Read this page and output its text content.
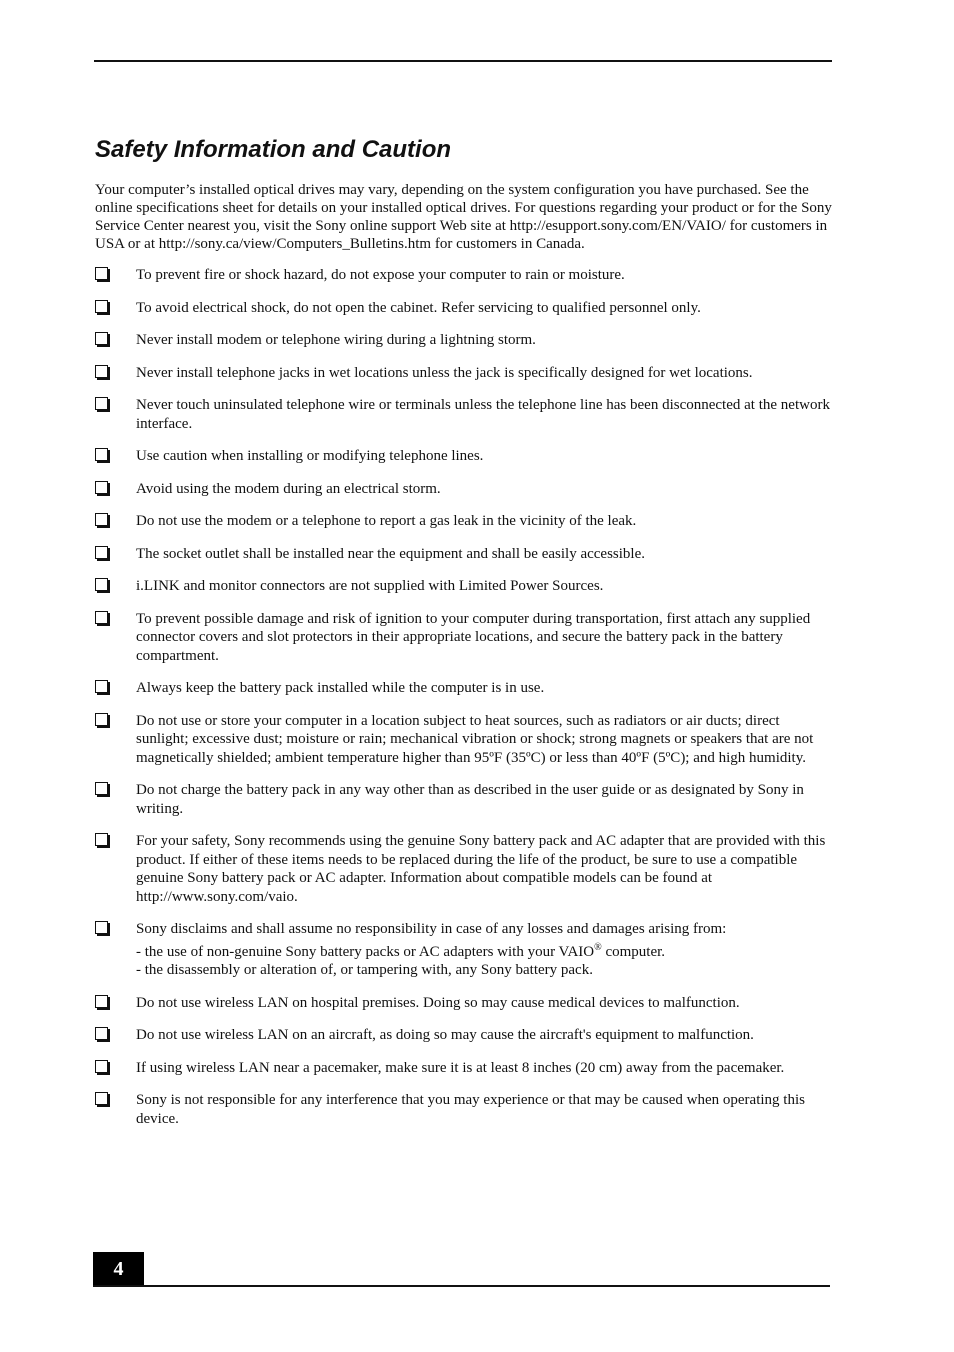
Safety Information and Caution

Your computer’s installed optical drives may vary, depending on the system configuration you have purchased. See the online specifications sheet for details on your installed optical drives. For questions regarding your product or for the Sony Service Center nearest you, visit the Sony online support Web site at http://esupport.sony.com/EN/VAIO/ for customers in USA or at http://sony.ca/view/Computers_Bulletins.htm for customers in Canada.

To prevent fire or shock hazard, do not expose your computer to rain or moisture.
To avoid electrical shock, do not open the cabinet. Refer servicing to qualified personnel only.
Never install modem or telephone wiring during a lightning storm.
Never install telephone jacks in wet locations unless the jack is specifically designed for wet locations.
Never touch uninsulated telephone wire or terminals unless the telephone line has been disconnected at the network interface.
Use caution when installing or modifying telephone lines.
Avoid using the modem during an electrical storm.
Do not use the modem or a telephone to report a gas leak in the vicinity of the leak.
The socket outlet shall be installed near the equipment and shall be easily accessible.
i.LINK and monitor connectors are not supplied with Limited Power Sources.
To prevent possible damage and risk of ignition to your computer during transportation, first attach any supplied connector covers and slot protectors in their appropriate locations, and secure the battery pack in the battery compartment.
Always keep the battery pack installed while the computer is in use.
Do not use or store your computer in a location subject to heat sources, such as radiators or air ducts; direct sunlight; excessive dust; moisture or rain; mechanical vibration or shock; strong magnets or speakers that are not magnetically shielded; ambient temperature higher than 95ºF (35ºC) or less than 40ºF (5ºC); and high humidity.
Do not charge the battery pack in any way other than as described in the user guide or as designated by Sony in writing.
For your safety, Sony recommends using the genuine Sony battery pack and AC adapter that are provided with this product. If either of these items needs to be replaced during the life of the product, be sure to use a compatible genuine Sony battery pack or AC adapter. Information about compatible models can be found at http://www.sony.com/vaio.
Sony disclaims and shall assume no responsibility in case of any losses and damages arising from:
- the use of non-genuine Sony battery packs or AC adapters with your VAIO® computer.
- the disassembly or alteration of, or tampering with, any Sony battery pack.
Do not use wireless LAN on hospital premises. Doing so may cause medical devices to malfunction.
Do not use wireless LAN on an aircraft, as doing so may cause the aircraft's equipment to malfunction.
If using wireless LAN near a pacemaker, make sure it is at least 8 inches (20 cm) away from the pacemaker.
Sony is not responsible for any interference that you may experience or that may be caused when operating this device.
4
